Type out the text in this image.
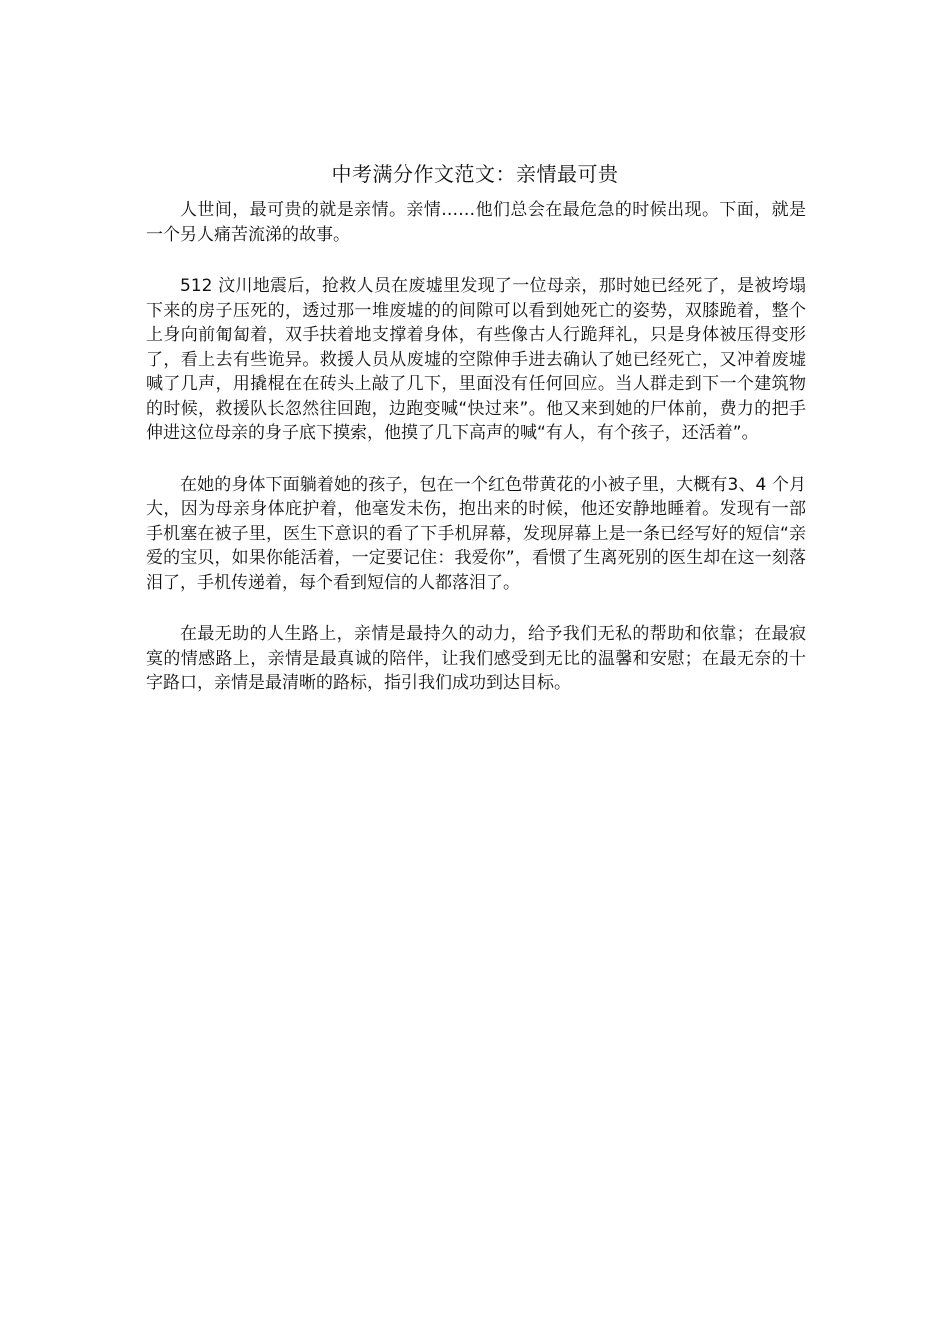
中考满分作文范文：亲情最可贵

人世间，最可贵的就是亲情。亲情……他们总会在最危急的时候出现。下面，就是一个另人痛苦流涕的故事。

512 汶川地震后，抢救人员在废墟里发现了一位母亲，那时她已经死了，是被垮塌下来的房子压死的，透过那一堆废墟的的间隙可以看到她死亡的姿势，双膝跪着，整个上身向前匍匐着，双手扶着地支撑着身体，有些像古人行跪拜礼，只是身体被压得变形了，看上去有些诡异。救援人员从废墟的空隙伸手进去确认了她已经死亡，又冲着废墟喊了几声，用撬棍在在砖头上敲了几下，里面没有任何回应。当人群走到下一个建筑物的时候，救援队长忽然往回跑，边跑变喊“快过来”。他又来到她的尸体前，费力的把手伸进这位母亲的身子底下摸索，他摸了几下高声的喊“有人，有个孩子，还活着”。

在她的身体下面躺着她的孩子，包在一个红色带黄花的小被子里，大概有3、4 个月大，因为母亲身体庇护着，他毫发未伤，抱出来的时候，他还安静地睡着。发现有一部手机塞在被子里，医生下意识的看了下手机屏幕，发现屏幕上是一条已经写好的短信“亲爱的宝贝，如果你能活着，一定要记住：我爱你”，看惯了生离死别的医生却在这一刻落泪了，手机传递着，每个看到短信的人都落泪了。

在最无助的人生路上，亲情是最持久的动力，给予我们无私的帮助和依靠；在最寂寞的情感路上，亲情是最真诚的陪伴，让我们感受到无比的温馨和安慰；在最无奈的十字路口，亲情是最清晰的路标，指引我们成功到达目标。
